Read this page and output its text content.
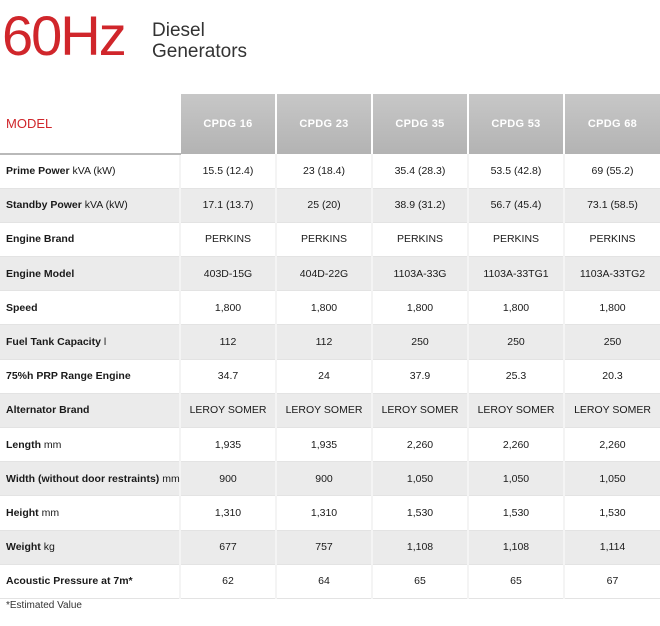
60Hz Diesel
Generators
MODEL	CPDG 16	CPDG 23	CPDG 35	CPDG 53	CPDG 68
Prime Power kVA (kW)	15.5 (12.4)	23 (18.4)	35.4 (28.3)	53.5 (42.8)	69 (55.2)
Standby Power kVA (kW)	17.1 (13.7)	25 (20)	38.9 (31.2)	56.7 (45.4)	73.1 (58.5)
Engine Brand	PERKINS	PERKINS	PERKINS	PERKINS	PERKINS
Engine Model	403D-15G	404D-22G	1103A-33G	1103A-33TG1	1103A-33TG2
Speed	1,800	1,800	1,800	1,800	1,800
Fuel Tank Capacity l	112	112	250	250	250
75%h PRP Range Engine	34.7	24	37.9	25.3	20.3
Alternator Brand	LEROY SOMER	LEROY SOMER	LEROY SOMER	LEROY SOMER	LEROY SOMER
Length mm	1,935	1,935	2,260	2,260	2,260
Width (without door restraints) mm	900	900	1,050	1,050	1,050
Height mm	1,310	1,310	1,530	1,530	1,530
Weight kg	677	757	1,108	1,108	1,114
Acoustic Pressure at 7m*	62	64	65	65	67
*Estimated Value
